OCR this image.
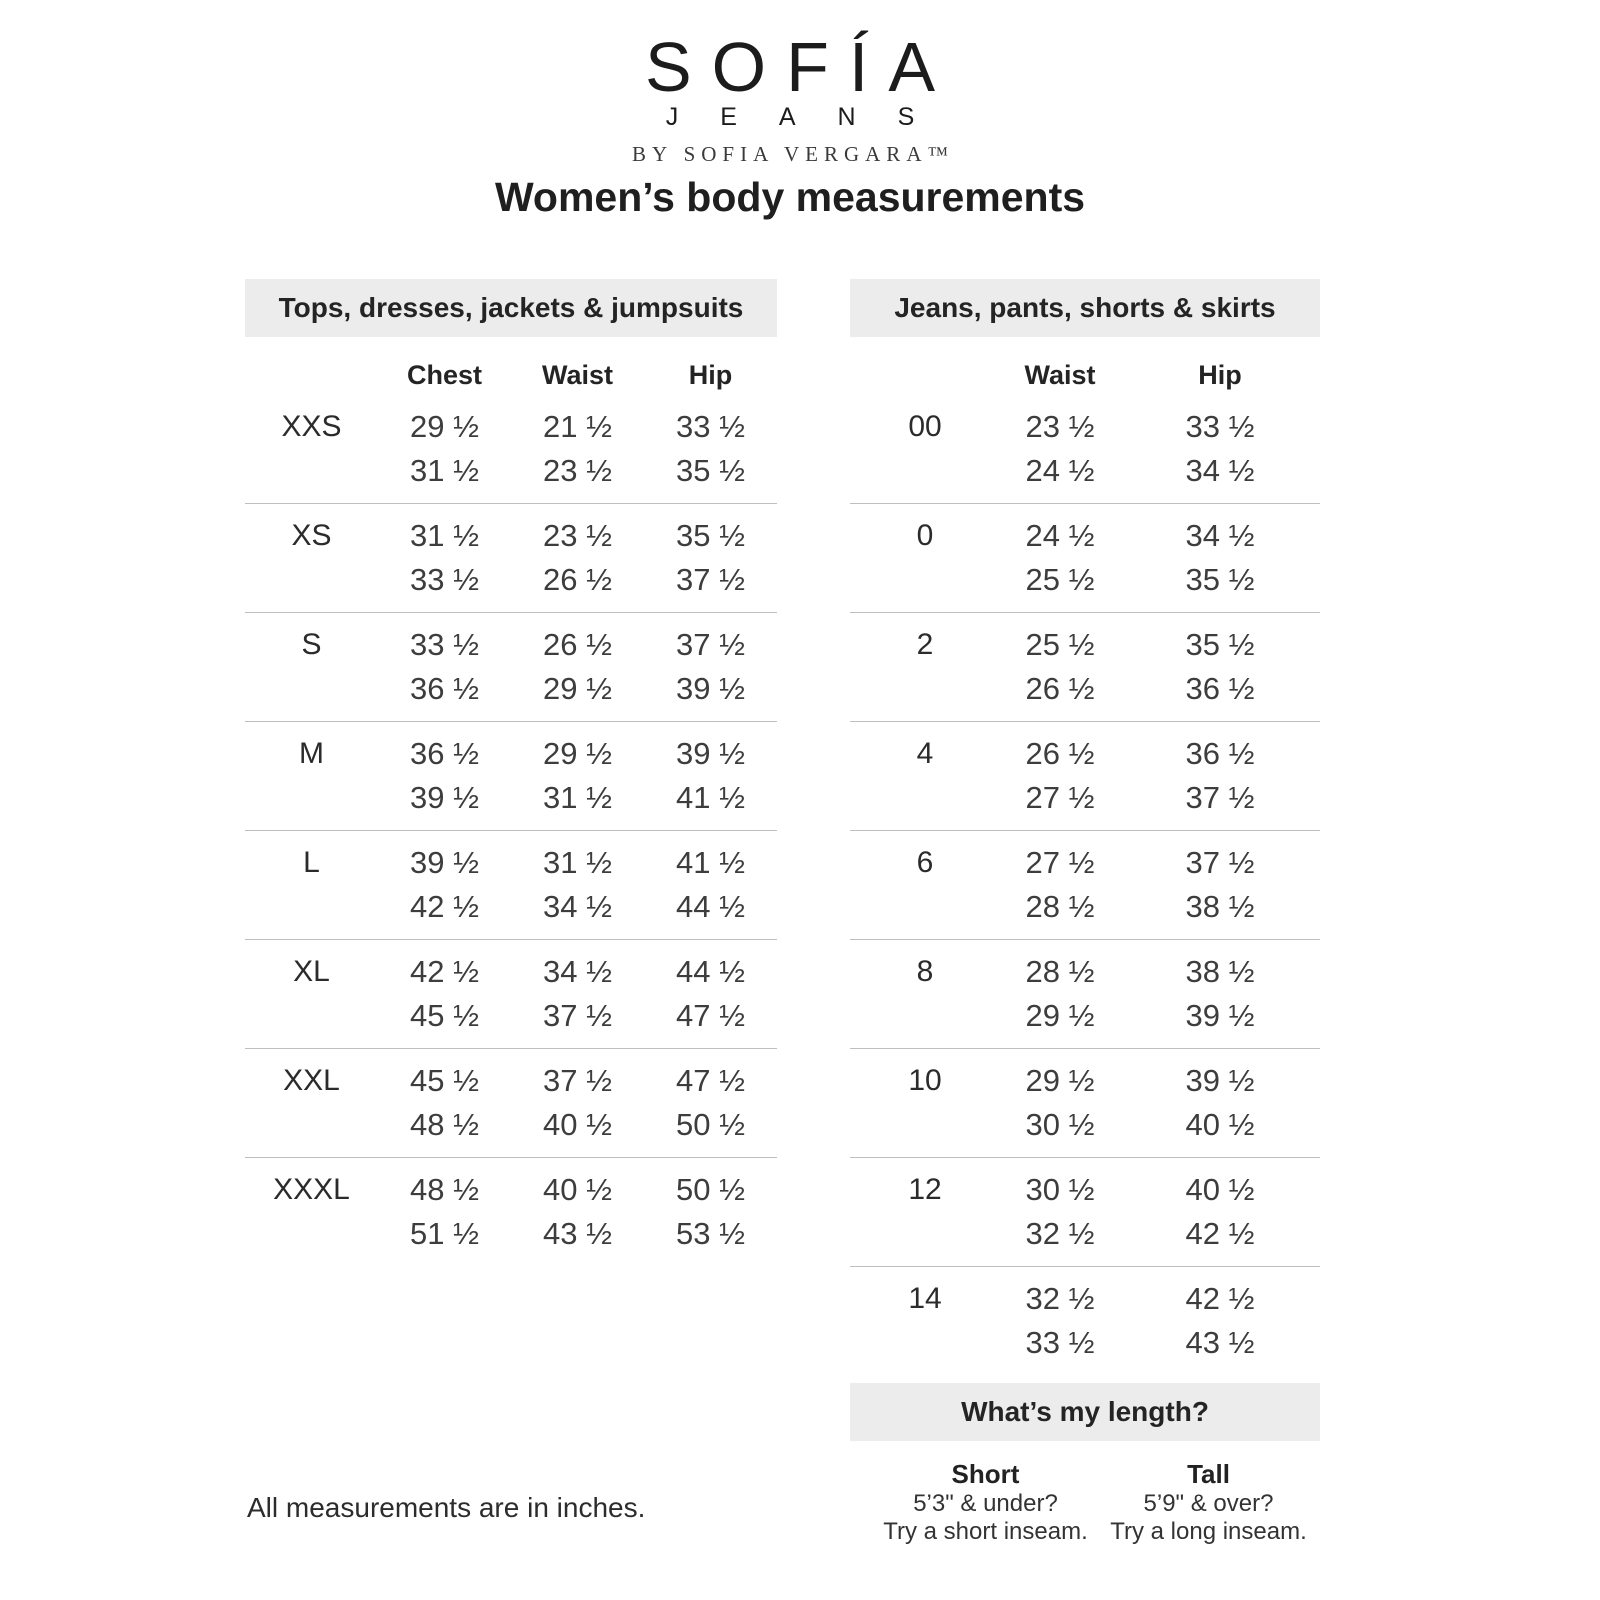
SOFÍA
JEANS
BY SOFIA VERGARA™
Women’s body measurements
Tops, dresses, jackets & jumpsuits
Chest	Waist	Hip
XXS	29 ½	21 ½	33 ½
31 ½	23 ½	35 ½
XS	31 ½	23 ½	35 ½
33 ½	26 ½	37 ½
S	33 ½	26 ½	37 ½
36 ½	29 ½	39 ½
M	36 ½	29 ½	39 ½
39 ½	31 ½	41 ½
L	39 ½	31 ½	41 ½
42 ½	34 ½	44 ½
XL	42 ½	34 ½	44 ½
45 ½	37 ½	47 ½
XXL	45 ½	37 ½	47 ½
48 ½	40 ½	50 ½
XXXL	48 ½	40 ½	50 ½
51 ½	43 ½	53 ½
Jeans, pants, shorts & skirts
Waist	Hip
00	23 ½	33 ½
24 ½	34 ½
0	24 ½	34 ½
25 ½	35 ½
2	25 ½	35 ½
26 ½	36 ½
4	26 ½	36 ½
27 ½	37 ½
6	27 ½	37 ½
28 ½	38 ½
8	28 ½	38 ½
29 ½	39 ½
10	29 ½	39 ½
30 ½	40 ½
12	30 ½	40 ½
32 ½	42 ½
14	32 ½	42 ½
33 ½	43 ½
What’s my length?
Short
5’3" & under?
Try a short inseam.
Tall
5’9" & over?
Try a long inseam.
All measurements are in inches.
